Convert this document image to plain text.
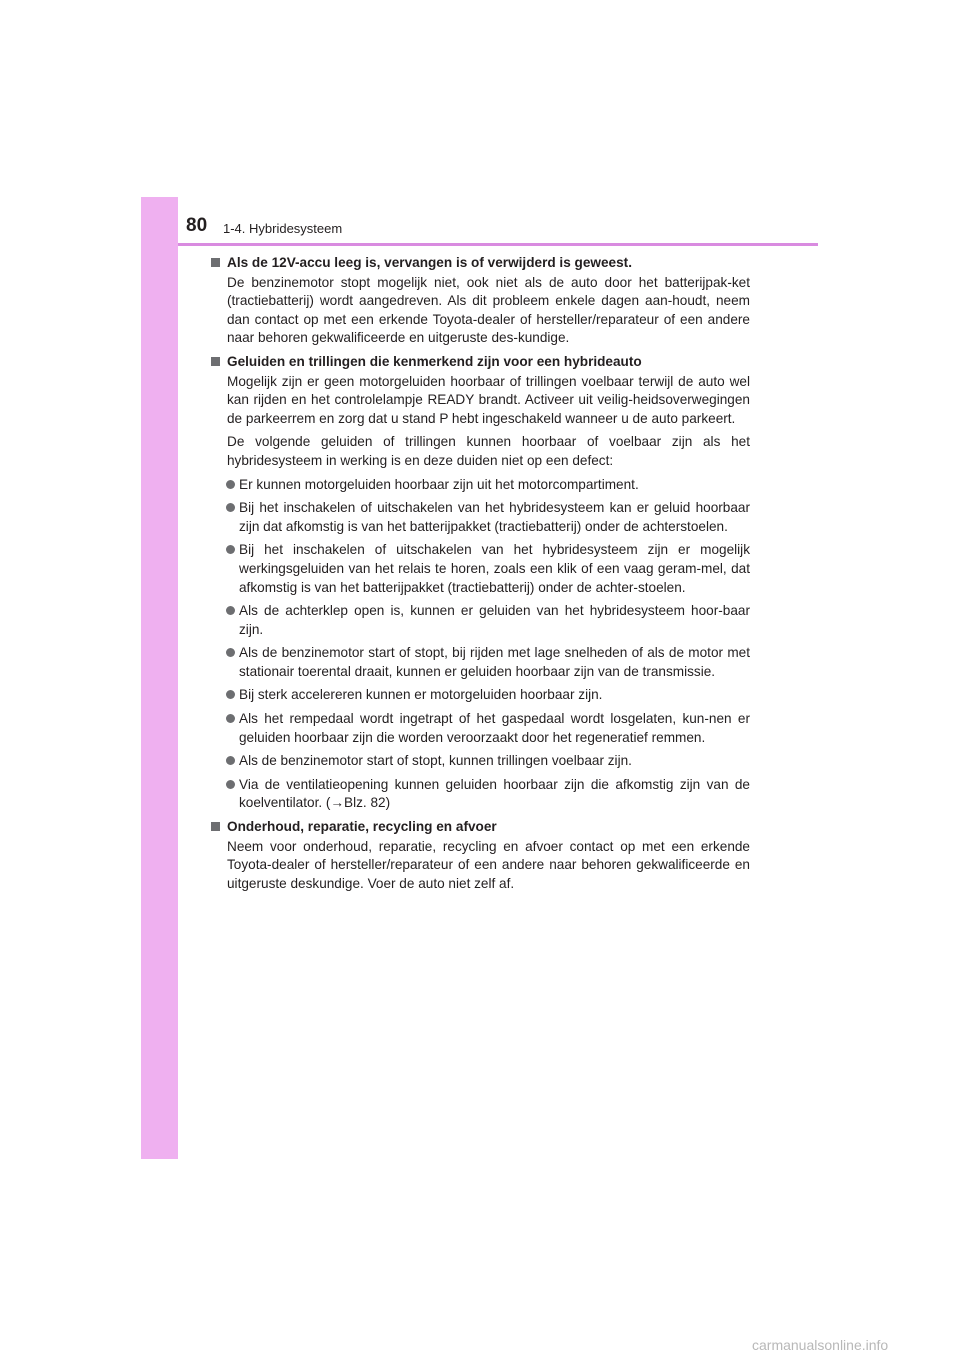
80 1-4. Hybridesysteem
Als de 12V-accu leeg is, vervangen is of verwijderd is geweest.

De benzinemotor stopt mogelijk niet, ook niet als de auto door het batterijpak-ket (tractiebatterij) wordt aangedreven. Als dit probleem enkele dagen aan-houdt, neem dan contact op met een erkende Toyota-dealer of hersteller/reparateur of een andere naar behoren gekwalificeerde en uitgeruste des-kundige.

Geluiden en trillingen die kenmerkend zijn voor een hybrideauto

Mogelijk zijn er geen motorgeluiden hoorbaar of trillingen voelbaar terwijl de auto wel kan rijden en het controlelampje READY brandt. Activeer uit veilig-heidsoverwegingen de parkeerrem en zorg dat u stand P hebt ingeschakeld wanneer u de auto parkeert.

De volgende geluiden of trillingen kunnen hoorbaar of voelbaar zijn als het hybridesysteem in werking is en deze duiden niet op een defect:

Er kunnen motorgeluiden hoorbaar zijn uit het motorcompartiment.
Bij het inschakelen of uitschakelen van het hybridesysteem kan er geluid hoorbaar zijn dat afkomstig is van het batterijpakket (tractiebatterij) onder de achterstoelen.
Bij het inschakelen of uitschakelen van het hybridesysteem zijn er mogelijk werkingsgeluiden van het relais te horen, zoals een klik of een vaag geram-mel, dat afkomstig is van het batterijpakket (tractiebatterij) onder de achter-stoelen.
Als de achterklep open is, kunnen er geluiden van het hybridesysteem hoor-baar zijn.
Als de benzinemotor start of stopt, bij rijden met lage snelheden of als de motor met stationair toerental draait, kunnen er geluiden hoorbaar zijn van de transmissie.
Bij sterk accelereren kunnen er motorgeluiden hoorbaar zijn.
Als het rempedaal wordt ingetrapt of het gaspedaal wordt losgelaten, kun-nen er geluiden hoorbaar zijn die worden veroorzaakt door het regeneratief remmen.
Als de benzinemotor start of stopt, kunnen trillingen voelbaar zijn.
Via de ventilatieopening kunnen geluiden hoorbaar zijn die afkomstig zijn van de koelventilator. (→Blz. 82)
Onderhoud, reparatie, recycling en afvoer

Neem voor onderhoud, reparatie, recycling en afvoer contact op met een erkende Toyota-dealer of hersteller/reparateur of een andere naar behoren gekwalificeerde en uitgeruste deskundige. Voer de auto niet zelf af.

carmanualsonline.info
